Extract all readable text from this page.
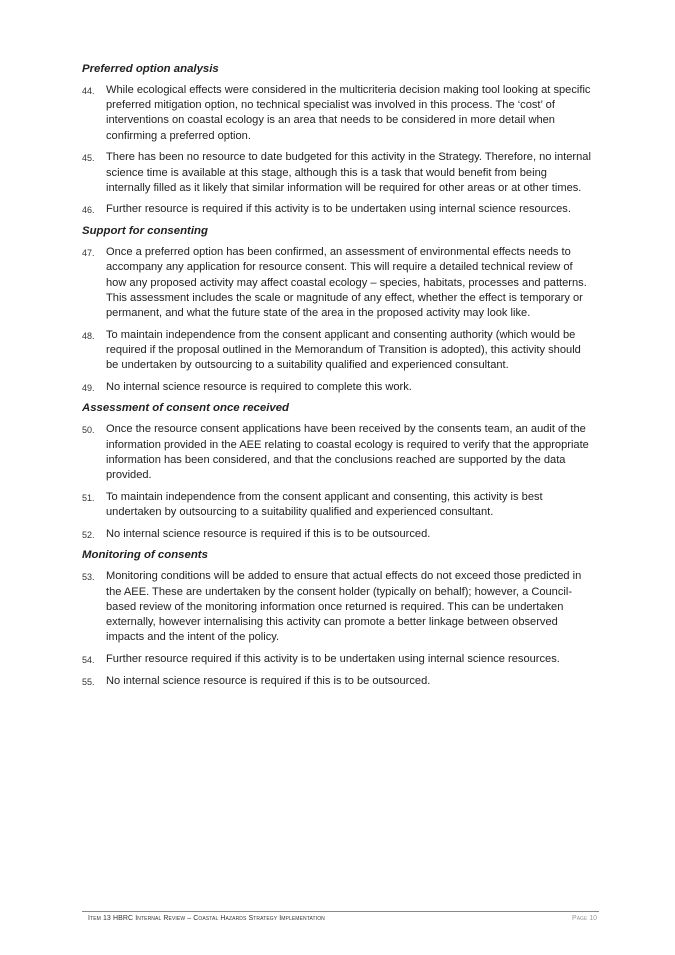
Preferred option analysis

44. While ecological effects were considered in the multicriteria decision making tool looking at specific preferred mitigation option, no technical specialist was involved in this process. The ‘cost’ of interventions on coastal ecology is an area that needs to be considered in more detail when confirming a preferred option.
45. There has been no resource to date budgeted for this activity in the Strategy. Therefore, no internal science time is available at this stage, although this is a task that would benefit from being internally filled as it likely that similar information will be required for other areas or at other times.
46. Further resource is required if this activity is to be undertaken using internal science resources.

Support for consenting

47. Once a preferred option has been confirmed, an assessment of environmental effects needs to accompany any application for resource consent. This will require a detailed technical review of how any proposed activity may affect coastal ecology – species, habitats, processes and patterns. This assessment includes the scale or magnitude of any effect, whether the effect is temporary or permanent, and what the future state of the area in the proposed activity may look like.
48. To maintain independence from the consent applicant and consenting authority (which would be required if the proposal outlined in the Memorandum of Transition is adopted), this activity should be undertaken by outsourcing to a suitability qualified and experienced consultant.
49. No internal science resource is required to complete this work.

Assessment of consent once received

50. Once the resource consent applications have been received by the consents team, an audit of the information provided in the AEE relating to coastal ecology is required to verify that the appropriate information has been considered, and that the conclusions reached are supported by the data provided.
51. To maintain independence from the consent applicant and consenting, this activity is best undertaken by outsourcing to a suitability qualified and experienced consultant.
52. No internal science resource is required if this is to be outsourced.

Monitoring of consents

53. Monitoring conditions will be added to ensure that actual effects do not exceed those predicted in the AEE. These are undertaken by the consent holder (typically on behalf); however, a Council-based review of the monitoring information once returned is required. This can be undertaken externally, however internalising this activity can promote a better linkage between observed impacts and the intent of the policy.
54. Further resource required if this activity is to be undertaken using internal science resources.
55. No internal science resource is required if this is to be outsourced.
Item 13 HBRC Internal Review – Coastal Hazards Strategy Implementation	Page 10
